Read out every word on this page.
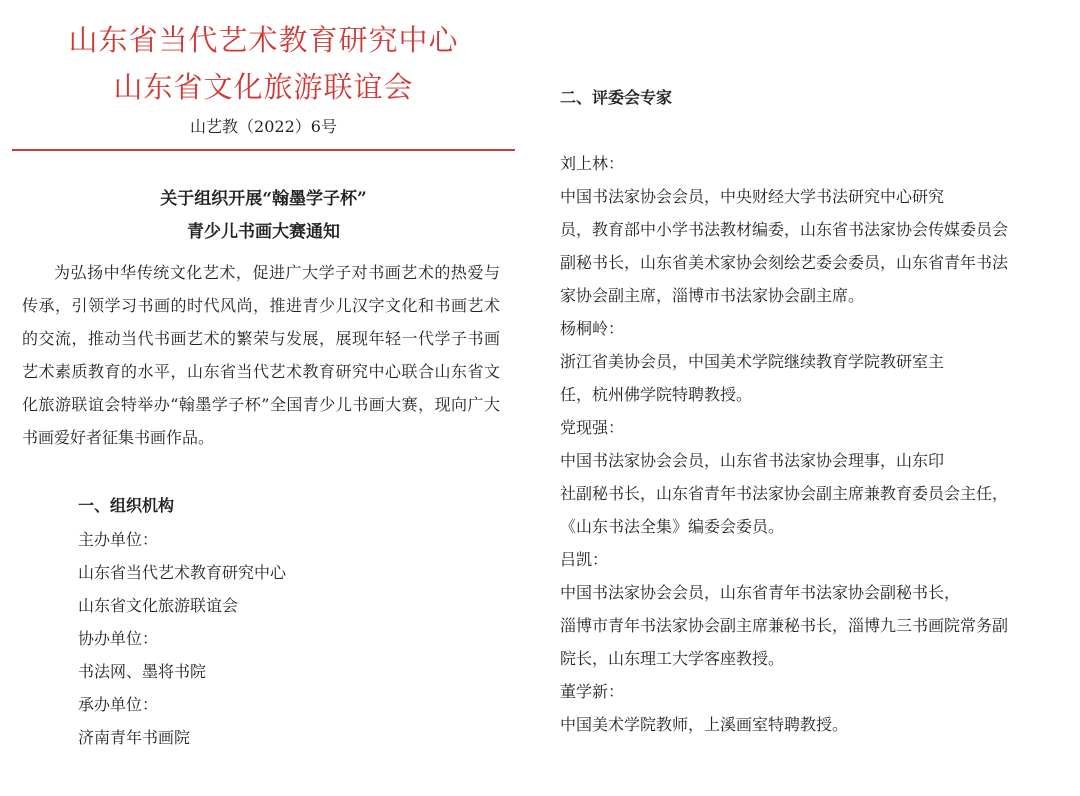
山东省当代艺术教育研究中心
山东省文化旅游联谊会
山艺教（2022）6号
关于组织开展“翰墨学子杯”
青少儿书画大赛通知
为弘扬中华传统文化艺术，促进广大学子对书画艺术的热爱与传承，引领学习书画的时代风尚，推进青少儿汉字文化和书画艺术的交流，推动当代书画艺术的繁荣与发展，展现年轻一代学子书画艺术素质教育的水平，山东省当代艺术教育研究中心联合山东省文化旅游联谊会特举办“翰墨学子杯”全国青少儿书画大赛，现向广大书画爱好者征集书画作品。
一、组织机构
主办单位：
山东省当代艺术教育研究中心
山东省文化旅游联谊会
协办单位：
书法网、墨将书院
承办单位：
济南青年书画院
二、评委会专家
刘上林：
中国书法家协会会员，中央财经大学书法研究中心研究
员，教育部中小学书法教材编委，山东省书法家协会传媒委员会
副秘书长，山东省美术家协会刻绘艺委会委员，山东省青年书法
家协会副主席，淄博市书法家协会副主席。
杨桐岭：
浙江省美协会员，中国美术学院继续教育学院教研室主
任，杭州佛学院特聘教授。
党现强：
中国书法家协会会员，山东省书法家协会理事，山东印
社副秘书长，山东省青年书法家协会副主席兼教育委员会主任，
《山东书法全集》编委会委员。
吕凯：
中国书法家协会会员，山东省青年书法家协会副秘书长，
淄博市青年书法家协会副主席兼秘书长，淄博九三书画院常务副
院长，山东理工大学客座教授。
董学新：
中国美术学院教师，上溪画室特聘教授。
